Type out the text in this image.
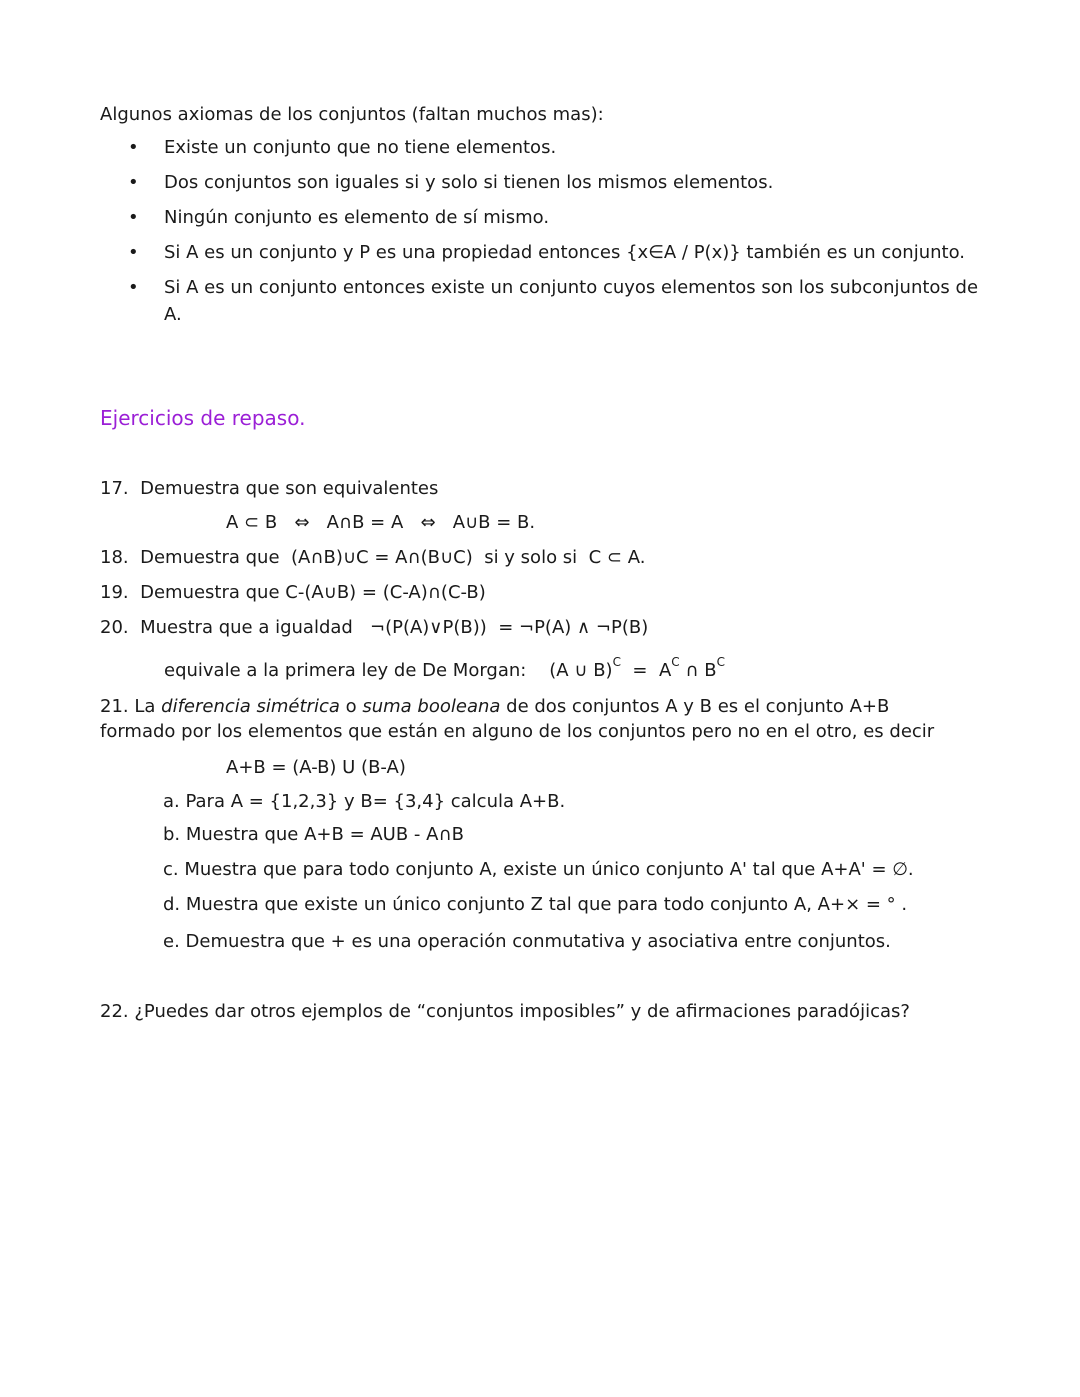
Algunos axiomas de los conjuntos (faltan muchos mas):
• Existe un conjunto que no tiene elementos.
• Dos conjuntos son iguales si y solo si tienen los mismos elementos.
• Ningún conjunto es elemento de sí mismo.
• Si A es un conjunto y P es una propiedad entonces {x∈A / P(x)} también es un conjunto.
• Si A es un conjunto entonces existe un conjunto cuyos elementos son los subconjuntos de
A.
Ejercicios de repaso.
17. Demuestra que son equivalentes
A ⊂ B   ⇔   A∩B = A   ⇔   A∪B = B.
18. Demuestra que  (A∩B)∪C = A∩(B∪C)  si y solo si  C ⊂ A.
19. Demuestra que C-(A∪B) = (C-A)∩(C-B)
20. Muestra que a igualdad   ¬(P(A)∨P(B))  = ¬P(A) ∧ ¬P(B)
equivale a la primera ley de De Morgan:    (A ∪ $B)^C = A^C$ ∩ $B^C$
21. La diferencia simétrica o suma booleana de dos conjuntos A y B es el conjunto A+B
formado por los elementos que están en alguno de los conjuntos pero no en el otro, es decir
A+B = (A-B) U (B-A)
a. Para A = {1,2,3} y B= {3,4} calcula A+B.
b. Muestra que A+B = AUB - A∩B
c. Muestra que para todo conjunto A, existe un único conjunto A' tal que A+A' = ∅.
d. Muestra que existe un único conjunto Z tal que para todo conjunto A, A+× = ° .
e. Demuestra que + es una operación conmutativa y asociativa entre conjuntos.
22. ¿Puedes dar otros ejemplos de “conjuntos imposibles” y de afirmaciones paradójicas?
